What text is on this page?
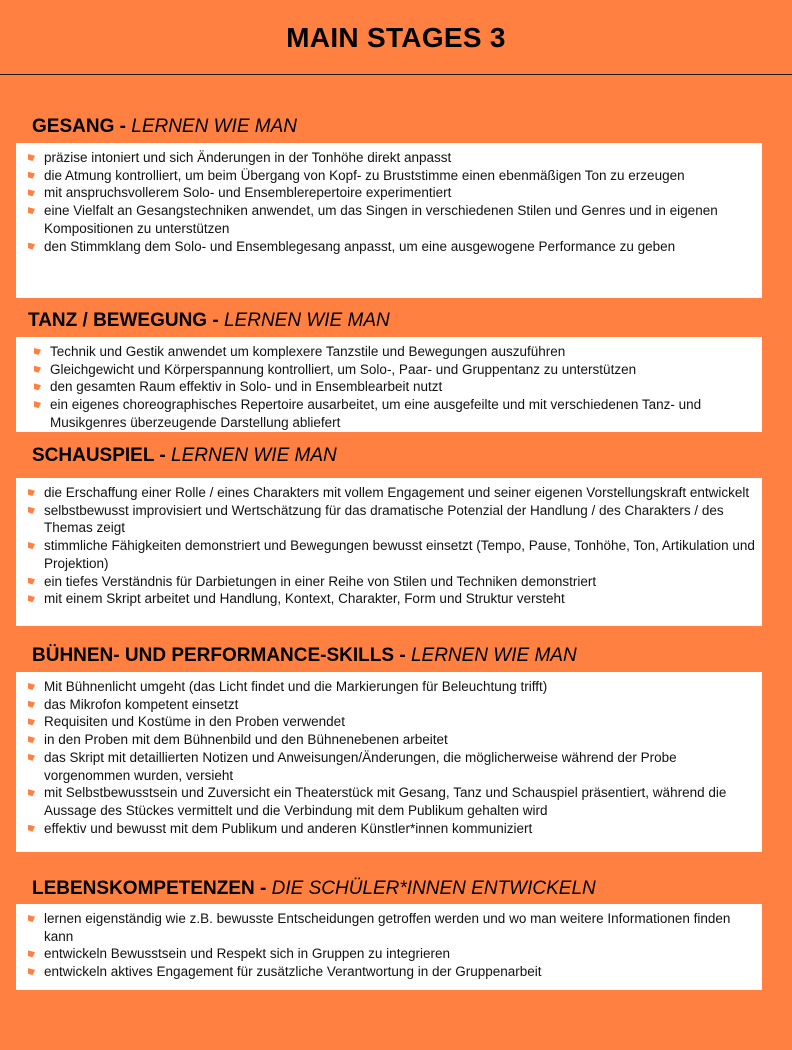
MAIN STAGES 3
GESANG - LERNEN WIE MAN
präzise intoniert und sich Änderungen in der Tonhöhe direkt anpasst
die Atmung kontrolliert, um beim Übergang von Kopf- zu Bruststimme einen ebenmäßigen Ton zu erzeugen
mit anspruchsvollerem Solo- und Ensemblerepertoire experimentiert
eine Vielfalt an Gesangstechniken anwendet, um das Singen in verschiedenen Stilen und Genres und in eigenen Kompositionen zu unterstützen
den Stimmklang dem Solo- und Ensemblegesang anpasst, um eine ausgewogene Performance zu geben
TANZ / BEWEGUNG - LERNEN WIE MAN
Technik und Gestik anwendet um komplexere Tanzstile und Bewegungen auszuführen
Gleichgewicht und Körperspannung kontrolliert, um Solo-, Paar- und Gruppentanz zu unterstützen
den gesamten Raum effektiv in Solo- und in Ensemblearbeit nutzt
ein eigenes choreographisches Repertoire ausarbeitet, um eine ausgefeilte und mit verschiedenen Tanz- und Musikgenres überzeugende Darstellung abliefert
SCHAUSPIEL - LERNEN WIE MAN
die Erschaffung einer Rolle / eines Charakters mit vollem Engagement und seiner eigenen Vorstellungskraft entwickelt
selbstbewusst improvisiert und Wertschätzung für das dramatische Potenzial der Handlung / des Charakters / des Themas zeigt
stimmliche Fähigkeiten demonstriert und Bewegungen bewusst einsetzt (Tempo, Pause, Tonhöhe, Ton, Artikulation und Projektion)
ein tiefes Verständnis für Darbietungen in einer Reihe von Stilen und Techniken demonstriert
mit einem Skript arbeitet und Handlung, Kontext, Charakter, Form und Struktur versteht
BÜHNEN- UND PERFORMANCE-SKILLS - LERNEN WIE MAN
Mit Bühnenlicht umgeht (das Licht findet und die Markierungen für Beleuchtung trifft)
das Mikrofon kompetent einsetzt
Requisiten und Kostüme in den Proben verwendet
in den Proben mit dem Bühnenbild und den Bühnenebenen arbeitet
das Skript mit detaillierten Notizen und Anweisungen/Änderungen, die möglicherweise während der Probe vorgenommen wurden, versieht
mit Selbstbewusstsein und Zuversicht ein Theaterstück mit Gesang, Tanz und Schauspiel präsentiert, während die Aussage des Stückes vermittelt und die Verbindung mit dem Publikum gehalten wird
effektiv und bewusst mit dem Publikum und anderen Künstler*innen kommuniziert
LEBENSKOMPETENZEN - DIE SCHÜLER*INNEN ENTWICKELN
lernen eigenständig wie z.B. bewusste Entscheidungen getroffen werden und wo man weitere Informationen finden kann
entwickeln Bewusstsein und Respekt sich in Gruppen zu integrieren
entwickeln aktives Engagement für zusätzliche Verantwortung in der Gruppenarbeit
